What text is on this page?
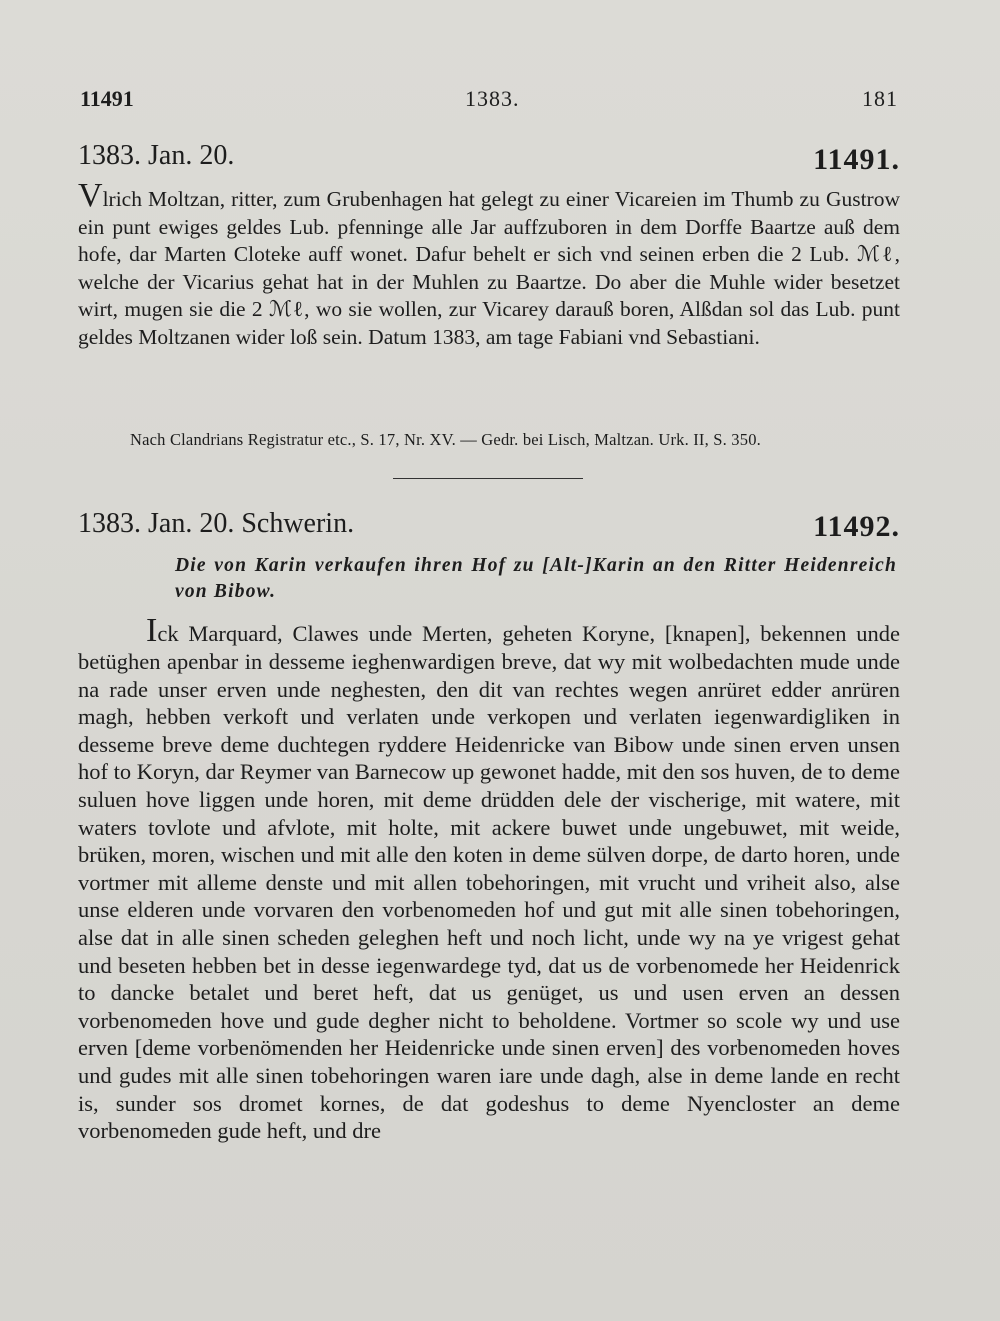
11491	1383.	181
1383. Jan. 20.	11491.
Vlrich Moltzan, ritter, zum Grubenhagen hat gelegt zu einer Vicareien im Thumb zu Gustrow ein punt ewiges geldes Lub. pfenninge alle Jar auffzuboren in dem Dorffe Baartze auß dem hofe, dar Marten Cloteke auff wonet. Dafur behelt er sich vnd seinen erben die 2 Lub. ℳ︎ℓ, welche der Vicarius gehat hat in der Muhlen zu Baartze. Do aber die Muhle wider besetzet wirt, mugen sie die 2 ℳ︎ℓ, wo sie wollen, zur Vicarey darauß boren, Alßdan sol das Lub. punt geldes Moltzanen wider loß sein. Datum 1383, am tage Fabiani vnd Sebastiani.
Nach Clandrians Registratur etc., S. 17, Nr. XV. — Gedr. bei Lisch, Maltzan. Urk. II, S. 350.
1383. Jan. 20. Schwerin.	11492.
Die von Karin verkaufen ihren Hof zu [Alt-]Karin an den Ritter Heidenreich von Bibow.
Ick Marquard, Clawes unde Merten, geheten Koryne, [knapen], bekennen unde betüghen apenbar in desseme ieghenwardigen breve, dat wy mit wolbedachten mude unde na rade unser erven unde neghesten, den dit van rechtes wegen anrüret edder anrüren magh, hebben verkoft und verlaten unde verkopen und verlaten iegenwardigliken in desseme breve deme duchtegen ryddere Heidenricke van Bibow unde sinen erven unsen hof to Koryn, dar Reymer van Barnecow up gewonet hadde, mit den sos huven, de to deme suluen hove liggen unde horen, mit deme drüdden dele der vischerige, mit watere, mit waters tovlote und afvlote, mit holte, mit ackere buwet unde ungebuwet, mit weide, brüken, moren, wischen und mit alle den koten in deme sülven dorpe, de darto horen, unde vortmer mit alleme denste und mit allen tobehoringen, mit vrucht und vriheit also, alse unse elderen unde vorvaren den vorbenomeden hof und gut mit alle sinen tobehoringen, alse dat in alle sinen scheden geleghen heft und noch licht, unde wy na ye vrigest gehat und beseten hebben bet in desse iegenwardege tyd, dat us de vorbenomede her Heidenrick to dancke betalet und beret heft, dat us genüget, us und usen erven an dessen vorbenomeden hove und gude degher nicht to beholdene. Vortmer so scole wy und use erven [deme vorbenömenden her Heidenricke unde sinen erven] des vorbenomeden hoves und gudes mit alle sinen tobehoringen waren iare unde dagh, alse in deme lande en recht is, sunder sos dromet kornes, de dat godeshus to deme Nyencloster an deme vorbenomeden gude heft, und dre
